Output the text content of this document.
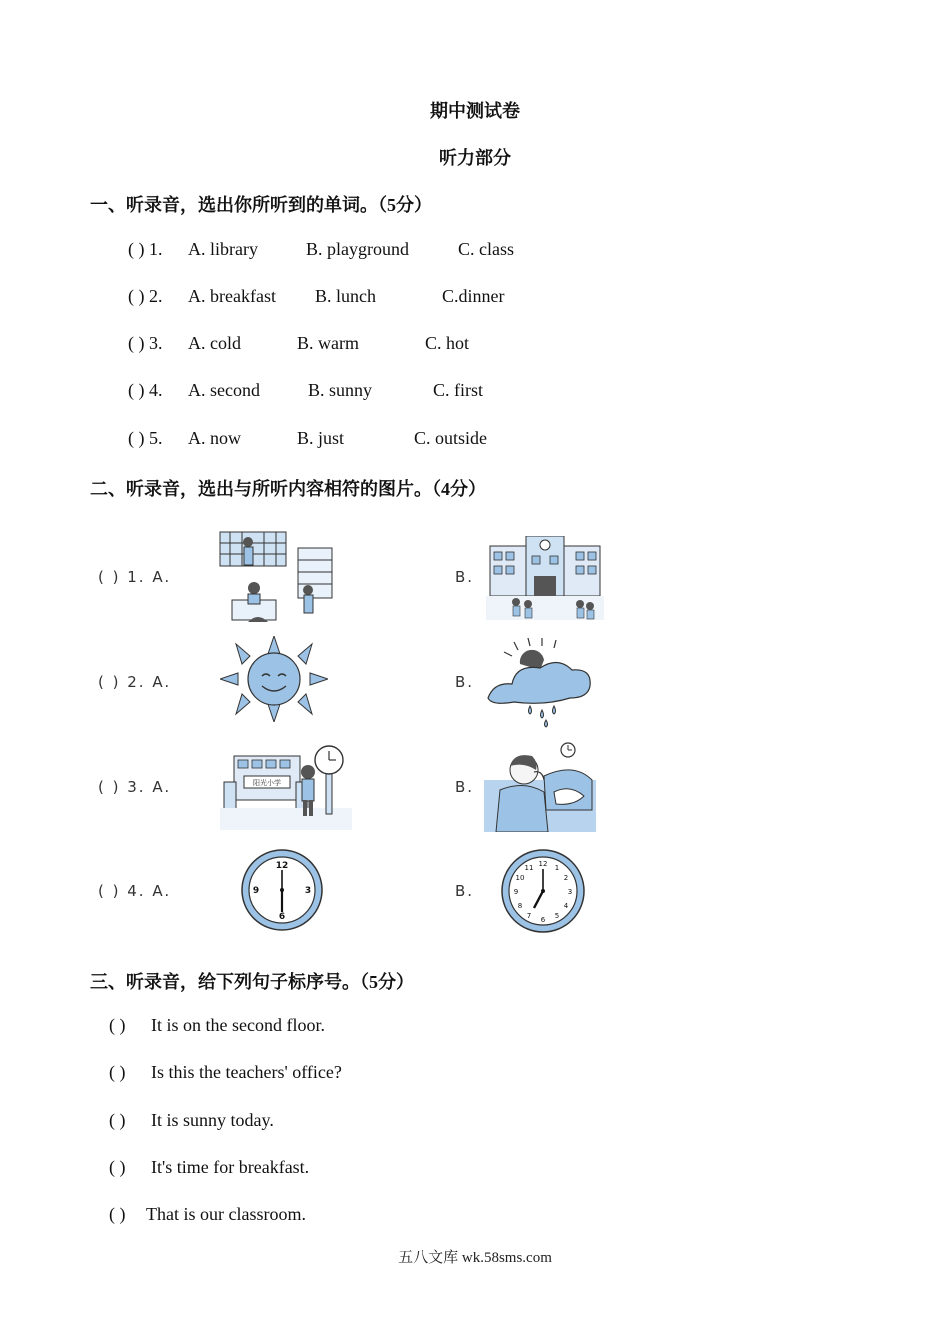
期中测试卷
听力部分
一、听录音，选出你所听到的单词。（5分）
( ) 1. A. library	B. playground	C. class
( ) 2. A. breakfast B. lunch	C.dinner
( ) 3. A. cold	B. warm	C. hot
( ) 4. A. second	B. sunny	C. first
( ) 5. A. now	B. just	C. outside
二、听录音，选出与所听内容相符的图片。（4分）
( ) 1. A.	B.
( ) 2. A.	B.
( ) 3. A.	B.
阳光小学
( ) 4. A.	B.
12
3
6
9
12 1
2
3
4
5
6
7
8
9
10
11
三、听录音，给下列句子标序号。（5分）
( ) It is on the second floor.
( ) Is this the teachers' office?
( ) It is sunny today.
( ) It's time for breakfast.
( ) That is our classroom.
五八文库 wk.58sms.com
